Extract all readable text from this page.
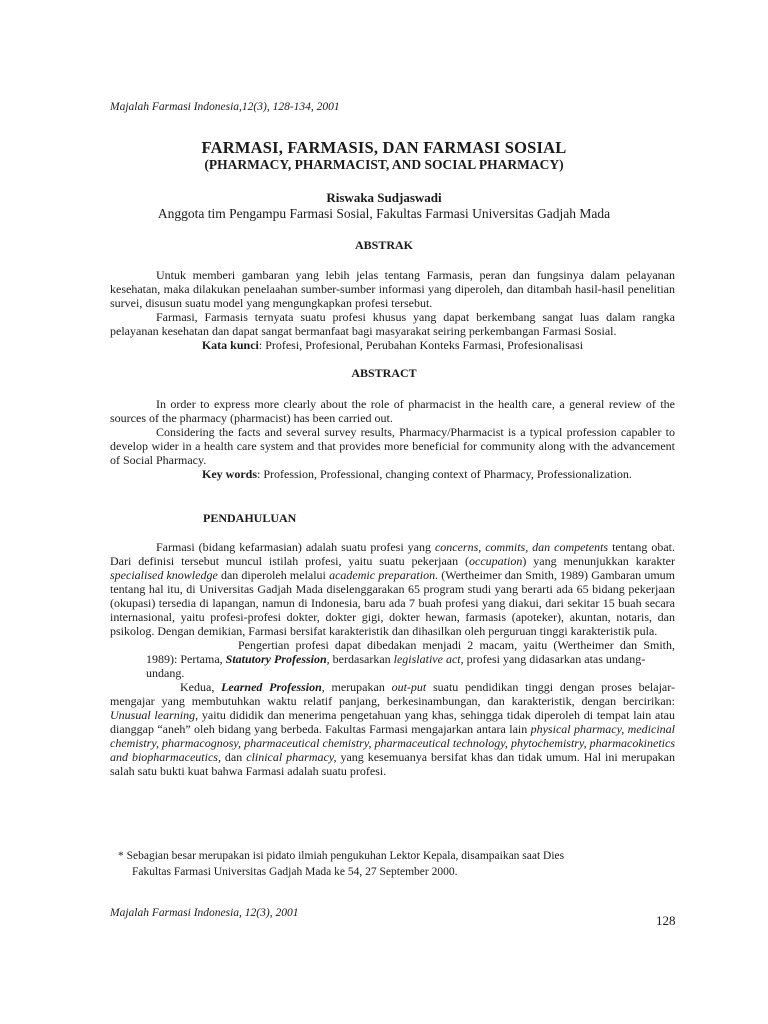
Majalah Farmasi Indonesia,12(3), 128-134, 2001

FARMASI, FARMASIS, DAN FARMASI SOSIAL

(PHARMACY, PHARMACIST, AND SOCIAL PHARMACY)

Riswaka Sudjaswadi

Anggota tim Pengampu Farmasi Sosial, Fakultas Farmasi Universitas Gadjah Mada

ABSTRAK

Untuk memberi gambaran yang lebih jelas tentang Farmasis, peran dan fungsinya dalam pelayanan kesehatan, maka dilakukan penelaahan sumber-sumber informasi yang diperoleh, dan ditambah hasil-hasil penelitian survei, disusun suatu model yang mengungkapkan profesi tersebut.

Farmasi, Farmasis ternyata suatu profesi khusus yang dapat berkembang sangat luas dalam rangka pelayanan kesehatan dan dapat sangat bermanfaat bagi masyarakat seiring perkembangan Farmasi Sosial.

Kata kunci: Profesi, Profesional, Perubahan Konteks Farmasi, Profesionalisasi

ABSTRACT

In order to express more clearly about the role of pharmacist in the health care, a general review of the sources of the pharmacy (pharmacist) has been carried out.

Considering the facts and several survey results, Pharmacy/Pharmacist is a typical profession capabler to develop wider in a health care system and that provides more beneficial for community along with the advancement of Social Pharmacy.

Key words: Profession, Professional, changing context of Pharmacy, Professionalization.

PENDAHULUAN

Farmasi (bidang kefarmasian) adalah suatu profesi yang concerns, commits, dan competents tentang obat. Dari definisi tersebut muncul istilah profesi, yaitu suatu pekerjaan (occupation) yang menunjukkan karakter specialised knowledge dan diperoleh melalui academic preparation. (Wertheimer dan Smith, 1989) Gambaran umum tentang hal itu, di Universitas Gadjah Mada diselenggarakan 65 program studi yang berarti ada 65 bidang pekerjaan (okupasi) tersedia di lapangan, namun di Indonesia, baru ada 7 buah profesi yang diakui, dari sekitar 15 buah secara internasional, yaitu profesi-profesi dokter, dokter gigi, dokter hewan, farmasis (apoteker), akuntan, notaris, dan psikolog. Dengan demikian, Farmasi bersifat karakteristik dan dihasilkan oleh perguruan tinggi karakteristik pula.

Pengertian profesi dapat dibedakan menjadi 2 macam, yaitu (Wertheimer dan Smith, 1989): Pertama, Statutory Profession, berdasarkan legislative act, profesi yang didasarkan atas undang-

undang.

Kedua, Learned Profession, merupakan out-put suatu pendidikan tinggi dengan proses belajar-mengajar yang membutuhkan waktu relatif panjang, berkesinambungan, dan karakteristik, dengan bercirikan: Unusual learning, yaitu dididik dan menerima pengetahuan yang khas, sehingga tidak diperoleh di tempat lain atau dianggap “aneh” oleh bidang yang berbeda. Fakultas Farmasi mengajarkan antara lain physical pharmacy, medicinal chemistry, pharmacognosy, pharmaceutical chemistry, pharmaceutical technology, phytochemistry, pharmacokinetics and biopharmaceutics, dan clinical pharmacy, yang kesemuanya bersifat khas dan tidak umum. Hal ini merupakan salah satu bukti kuat bahwa Farmasi adalah suatu profesi.

* Sebagian besar merupakan isi pidato ilmiah pengukuhan Lektor Kepala, disampaikan saat Dies
Fakultas Farmasi Universitas Gadjah Mada ke 54, 27 September 2000.

Majalah Farmasi Indonesia, 12(3), 2001	128
